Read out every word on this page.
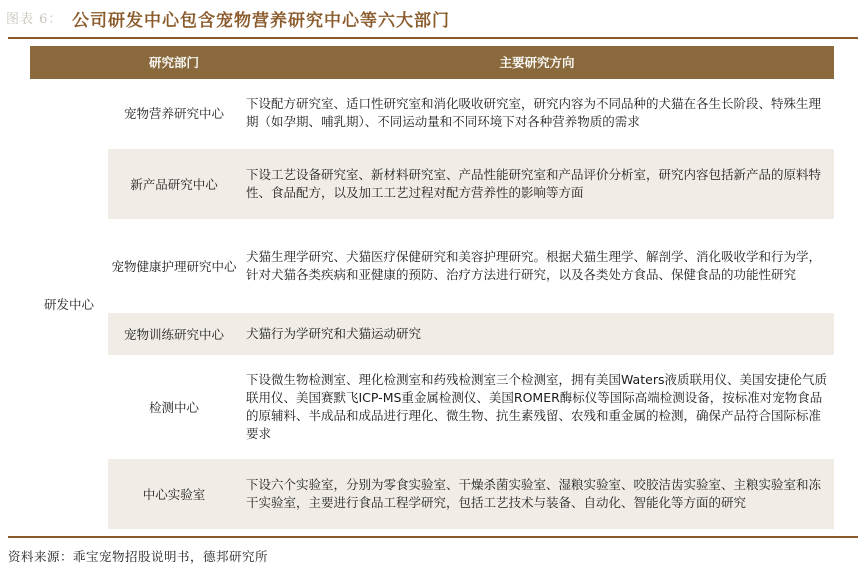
图表 6： 公司研发中心包含宠物营养研究中心等六大部门
研究部门	主要研究方向
研发中心
宠物营养研究中心
下设配方研究室、适口性研究室和消化吸收研究室，研究内容为不同品种的犬猫在各生长阶段、特殊生理期（如孕期、哺乳期）、不同运动量和不同环境下对各种营养物质的需求
新产品研究中心
下设工艺设备研究室、新材料研究室、产品性能研究室和产品评价分析室，研究内容包括新产品的原料特性、食品配方，以及加工工艺过程对配方营养性的影响等方面
宠物健康护理研究中心
犬猫生理学研究、犬猫医疗保健研究和美容护理研究。根据犬猫生理学、解剖学、消化吸收学和行为学，针对犬猫各类疾病和亚健康的预防、治疗方法进行研究，以及各类处方食品、保健食品的功能性研究
宠物训练研究中心	犬猫行为学研究和犬猫运动研究
检测中心
下设微生物检测室、理化检测室和药残检测室三个检测室，拥有美国Waters液质联用仪、美国安捷伦气质联用仪、美国赛默飞ICP-MS重金属检测仪、美国ROMER酶标仪等国际高端检测设备，按标准对宠物食品的原辅料、半成品和成品进行理化、微生物、抗生素残留、农残和重金属的检测，确保产品符合国际标准要求
中心实验室
下设六个实验室，分别为零食实验室、干燥杀菌实验室、湿粮实验室、咬胶洁齿实验室、主粮实验室和冻干实验室，主要进行食品工程学研究，包括工艺技术与装备、自动化、智能化等方面的研究
资料来源：乖宝宠物招股说明书，德邦研究所
